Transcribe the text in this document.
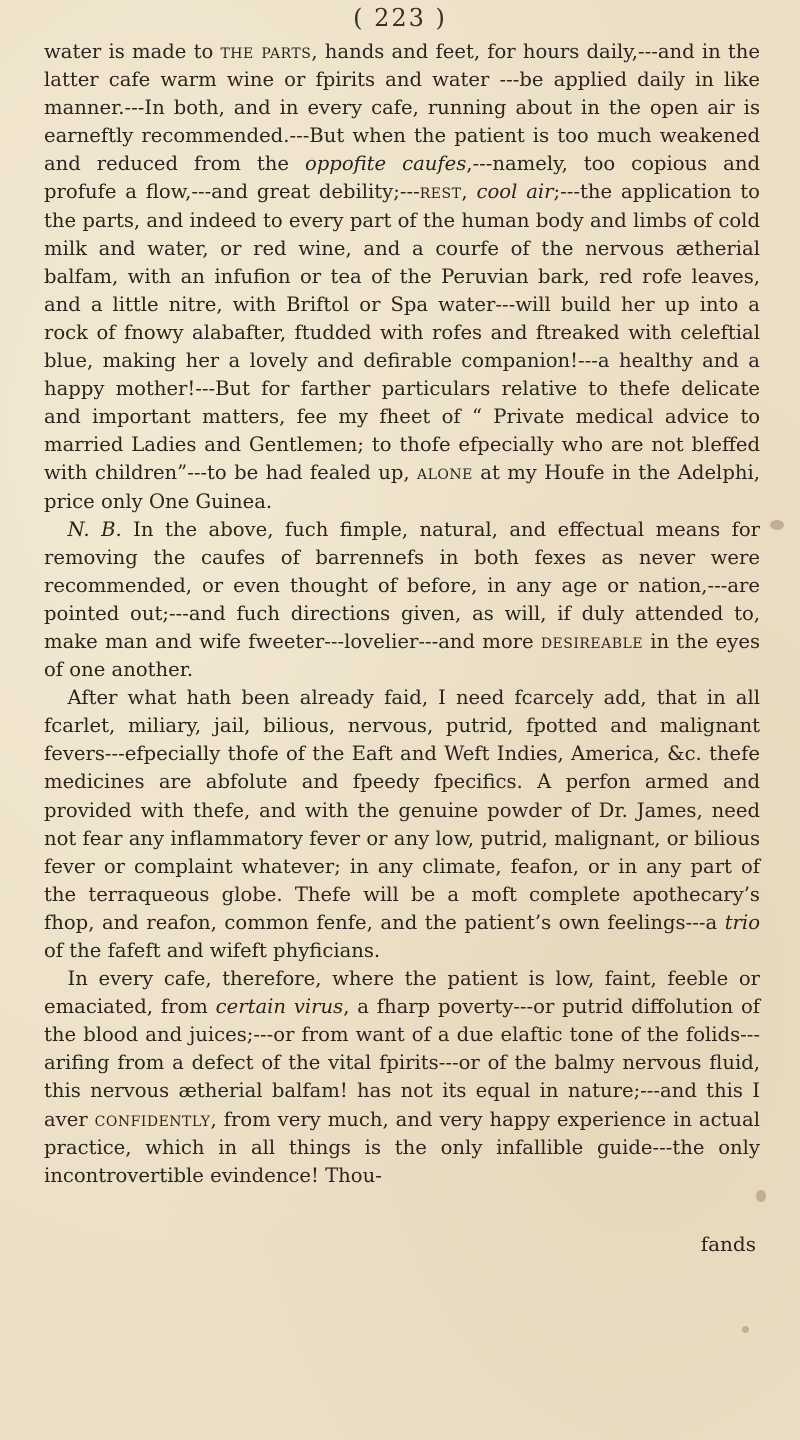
( 223 )

water is made to the parts, hands and feet, for hours daily,---and in the latter cafe warm wine or fpirits and water ---be applied daily in like manner.---In both, and in every cafe, running about in the open air is earneftly recommended.---But when the patient is too much weakened and reduced from the oppofite caufes,---namely, too copious and profufe a flow,---and great debility;---rest, cool air;---the application to the parts, and indeed to every part of the human body and limbs of cold milk and water, or red wine, and a courfe of the nervous ætherial balfam, with an infufion or tea of the Peruvian bark, red rofe leaves, and a little nitre, with Briftol or Spa water---will build her up into a rock of fnowy alabafter, ftudded with rofes and ftreaked with celeftial blue, making her a lovely and defirable companion!---a healthy and a happy mother!---But for farther particulars relative to thefe delicate and important matters, fee my fheet of “ Private medical advice to married Ladies and Gentlemen; to thofe efpecially who are not bleffed with children”---to be had fealed up, alone at my Houfe in the Adelphi, price only One Guinea.

N. B. In the above, fuch fimple, natural, and effectual means for removing the caufes of barrennefs in both fexes as never were recommended, or even thought of before, in any age or nation,---are pointed out;---and fuch directions given, as will, if duly attended to, make man and wife fweeter---lovelier---and more desireable in the eyes of one another.

After what hath been already faid, I need fcarcely add, that in all fcarlet, miliary, jail, bilious, nervous, putrid, fpotted and malignant fevers---efpecially thofe of the Eaft and Weft Indies, America, &c. thefe medicines are abfolute and fpeedy fpecifics. A perfon armed and provided with thefe, and with the genuine powder of Dr. James, need not fear any inflammatory fever or any low, putrid, malignant, or bilious fever or complaint whatever; in any climate, feafon, or in any part of the terraqueous globe. Thefe will be a moft complete apothecary’s fhop, and reafon, common fenfe, and the patient’s own feelings---a trio of the fafeft and wifeft phyficians.

In every cafe, therefore, where the patient is low, faint, feeble or emaciated, from certain virus, a fharp poverty---or putrid diffolution of the blood and juices;---or from want of a due elaftic tone of the folids---arifing from a defect of the vital fpirits---or of the balmy nervous fluid, this nervous ætherial balfam! has not its equal in nature;---and this I aver confidently, from very much, and very happy experience in actual practice, which in all things is the only infallible guide---the only incontrovertible evindence! Thou-

fands
